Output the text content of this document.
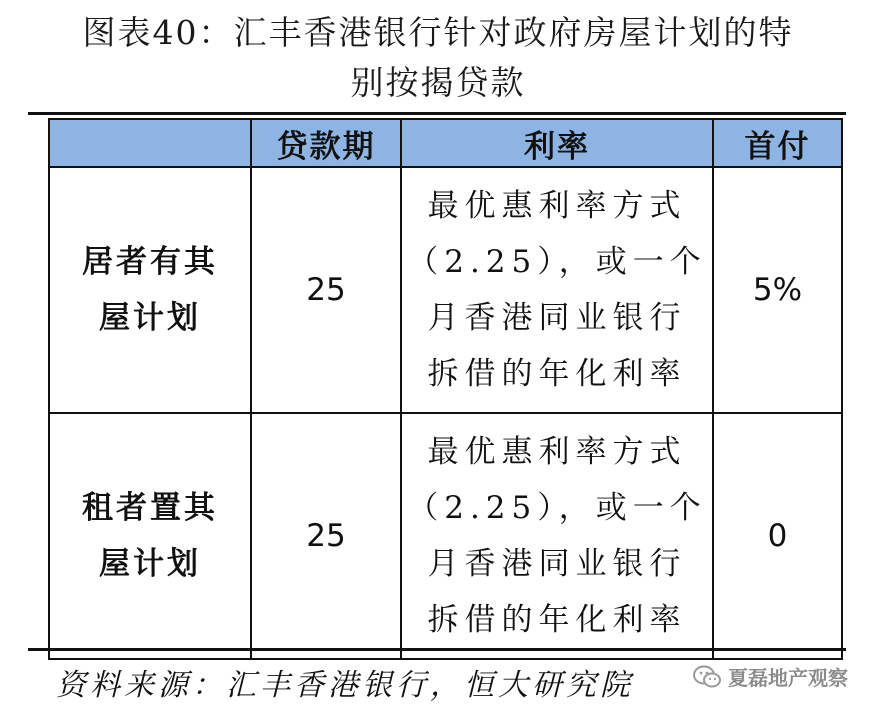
图表40：汇丰香港银行针对政府房屋计划的特
别按揭贷款
	贷款期	利率	首付

居者有其
屋计划	25	最优惠利率方式
（2.25），或一个
月香港同业银行
拆借的年化利率	5%

租者置其
屋计划	25	最优惠利率方式
（2.25），或一个
月香港同业银行
拆借的年化利率	0
资料来源：汇丰香港银行，恒大研究院	夏磊地产观察
